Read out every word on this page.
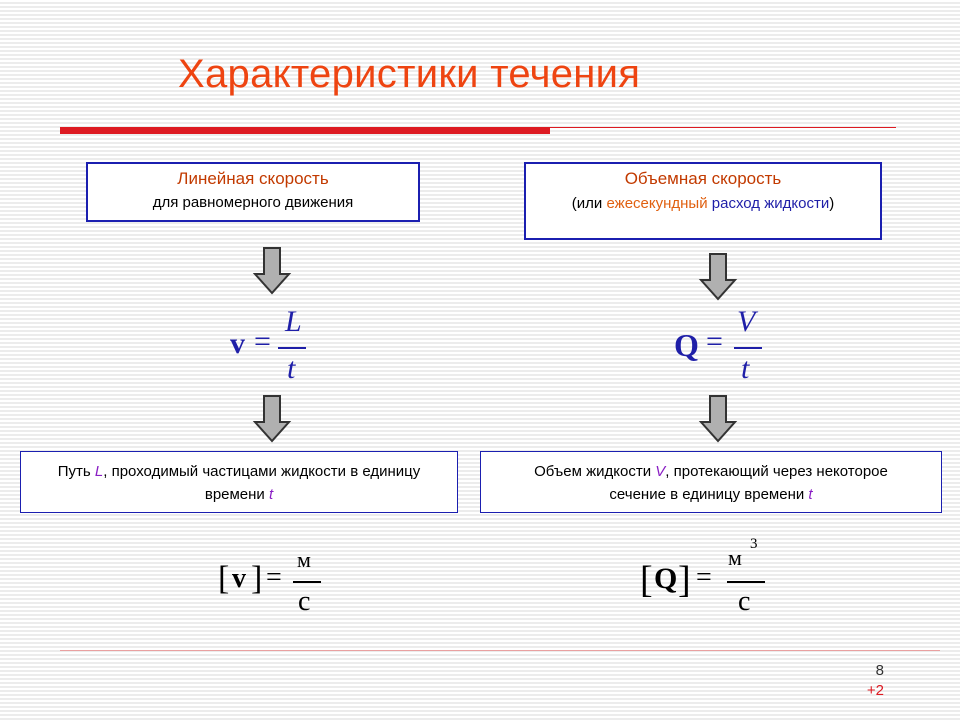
Характеристики течения
Линейная скорость
для равномерного движения
Объемная скорость
(или ежесекундный расход жидкости)
v =
L
t
Q =
V
t
Путь L, проходимый частицами жидкости в единицу времени t
Объем жидкости V, протекающий через некоторое сечение в единицу времени t
[ v ] =
м
с
[ Q ] =
м
3
с
8
+2
